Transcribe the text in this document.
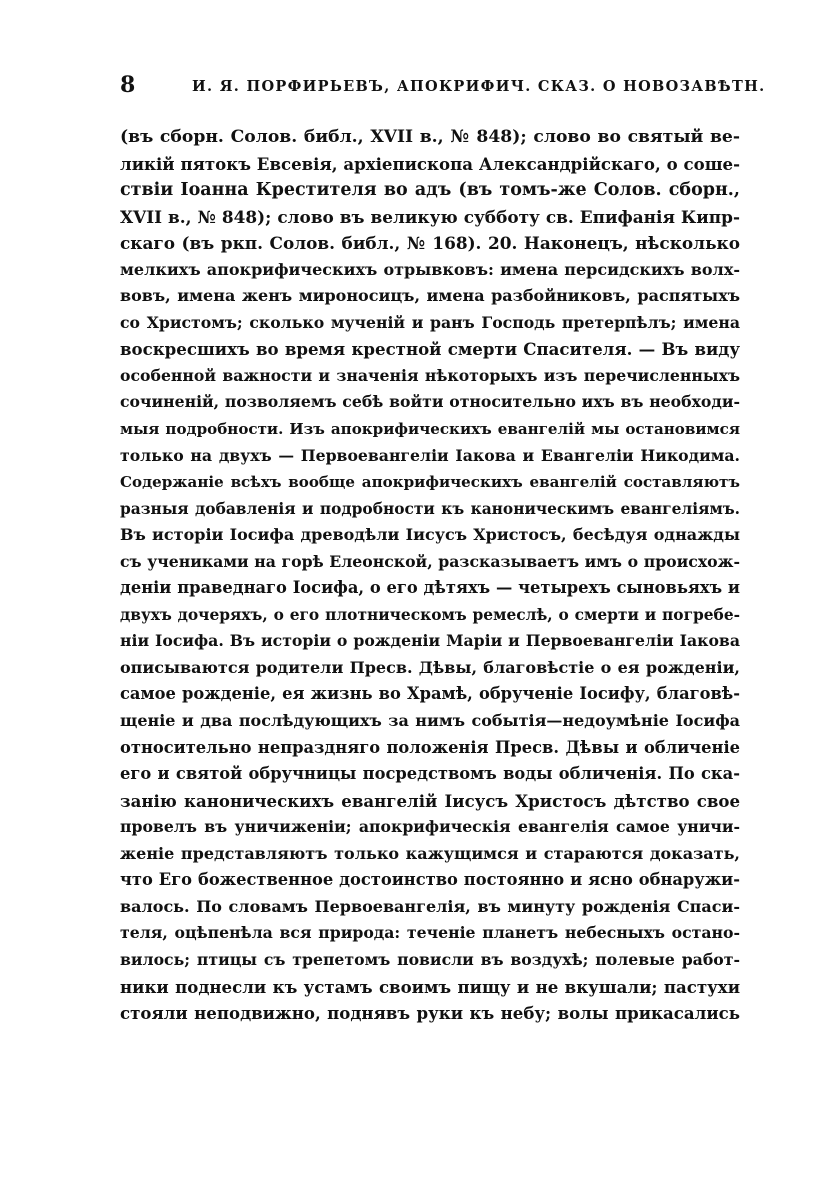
8	И. Я. ПОРФИРЬЕВЪ, АПОКРИФИЧ. СКАЗ. О НОВОЗАВѢТН.
(въ сборн. Солов. библ., XVII в., № 848); слово во святый ве-
ликій пятокъ Евсевія, архіепископа Александрійскаго, о соше-
ствіи Іоанна Крестителя во адъ (въ томъ-же Солов. сборн.,
XVII в., № 848); слово въ великую субботу св. Епифанія Кипр-
скаго (въ ркп. Солов. библ., № 168). 20. Наконецъ, нѣсколько
мелкихъ апокрифическихъ отрывковъ: имена персидскихъ волх-
вовъ, имена женъ мироносицъ, имена разбойниковъ, распятыхъ
со Христомъ; сколько мученій и ранъ Господь претерпѣлъ; имена
воскресшихъ во время крестной смерти Спасителя. — Въ виду
особенной важности и значенія нѣкоторыхъ изъ перечисленныхъ
сочиненій, позволяемъ себѣ войти относительно ихъ въ необходи-
мыя подробности. Изъ апокрифическихъ евангелій мы остановимся
только на двухъ — Первоевангеліи Іакова и Евангеліи Никодима.
Содержаніе всѣхъ вообще апокрифическихъ евангелій составляютъ
разныя добавленія и подробности къ каноническимъ евангеліямъ.
Въ исторіи Іосифа древодѣли Іисусъ Христосъ, бесѣдуя однажды
съ учениками на горѣ Елеонской, разсказываетъ имъ о происхож-
деніи праведнаго Іосифа, о его дѣтяхъ — четырехъ сыновьяхъ и
двухъ дочеряхъ, о его плотническомъ ремеслѣ, о смерти и погребе-
ніи Іосифа. Въ исторіи о рожденіи Маріи и Первоевангеліи Іакова
описываются родители Пресв. Дѣвы, благовѣстіе о ея рожденіи,
самое рожденіе, ея жизнь во Храмѣ, обрученіе Іосифу, благовѣ-
щеніе и два послѣдующихъ за нимъ событія—недоумѣніе Іосифа
относительно непраздняго положенія Пресв. Дѣвы и обличеніе
его и святой обручницы посредствомъ воды обличенія. По ска-
занію каноническихъ евангелій Іисусъ Христосъ дѣтство свое
провелъ въ уничиженіи; апокрифическія евангелія самое уничи-
женіе представляютъ только кажущимся и стараются доказать,
что Его божественное достоинство постоянно и ясно обнаружи-
валось. По словамъ Первоевангелія, въ минуту рожденія Спаси-
теля, оцѣпенѣла вся природа: теченіе планетъ небесныхъ остано-
вилось; птицы съ трепетомъ повисли въ воздухѣ; полевые работ-
ники поднесли къ устамъ своимъ пищу и не вкушали; пастухи
стояли неподвижно, поднявъ руки къ небу; волы прикасались
